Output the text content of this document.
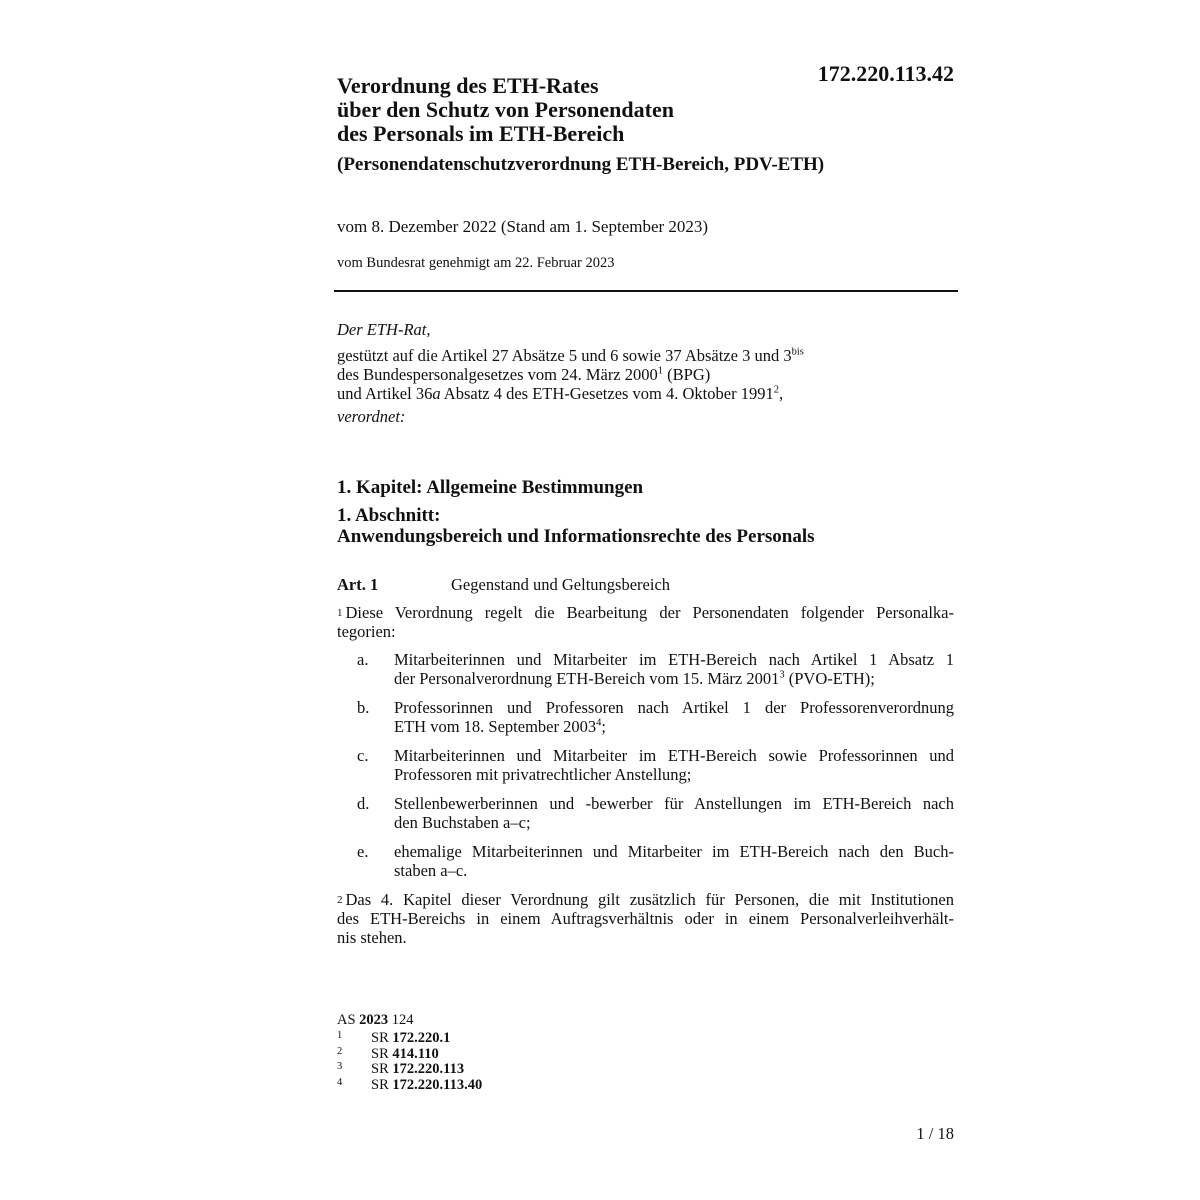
172.220.113.42
Verordnung des ETH-Rates
über den Schutz von Personendaten
des Personals im ETH-Bereich
(Personendatenschutzverordnung ETH-Bereich, PDV-ETH)
vom 8. Dezember 2022 (Stand am 1. September 2023)
vom Bundesrat genehmigt am 22. Februar 2023
Der ETH-Rat,
gestützt auf die Artikel 27 Absätze 5 und 6 sowie 37 Absätze 3 und $3^{bis}$
des Bundespersonalgesetzes vom 24. März 2000$^1$ (BPG)
und Artikel 36a Absatz 4 des ETH-Gesetzes vom 4. Oktober 1991$^2$,
verordnet:
1. Kapitel: Allgemeine Bestimmungen
1. Abschnitt:
Anwendungsbereich und Informationsrechte des Personals
Art. 1	Gegenstand und Geltungsbereich
$^1$ Diese Verordnung regelt die Bearbeitung der Personendaten folgender Personalka-
tegorien:
a.	Mitarbeiterinnen und Mitarbeiter im ETH-Bereich nach Artikel 1 Absatz 1
der Personalverordnung ETH-Bereich vom 15. März 2001$^3$ (PVO-ETH);
b.	Professorinnen und Professoren nach Artikel 1 der Professorenverordnung
ETH vom 18. September 2003$^4$;
c.	Mitarbeiterinnen und Mitarbeiter im ETH-Bereich sowie Professorinnen und
Professoren mit privatrechtlicher Anstellung;
d.	Stellenbewerberinnen und -bewerber für Anstellungen im ETH-Bereich nach
den Buchstaben a–c;
e.	ehemalige Mitarbeiterinnen und Mitarbeiter im ETH-Bereich nach den Buch-
staben a–c.
$^2$ Das 4. Kapitel dieser Verordnung gilt zusätzlich für Personen, die mit Institutionen
des ETH-Bereichs in einem Auftragsverhältnis oder in einem Personalverleihverhält-
nis stehen.
AS 2023 124
1	SR
172.220.1
2	SR
414.110
3	SR
172.220.113
4	SR
172.220.113.40
1 / 18
